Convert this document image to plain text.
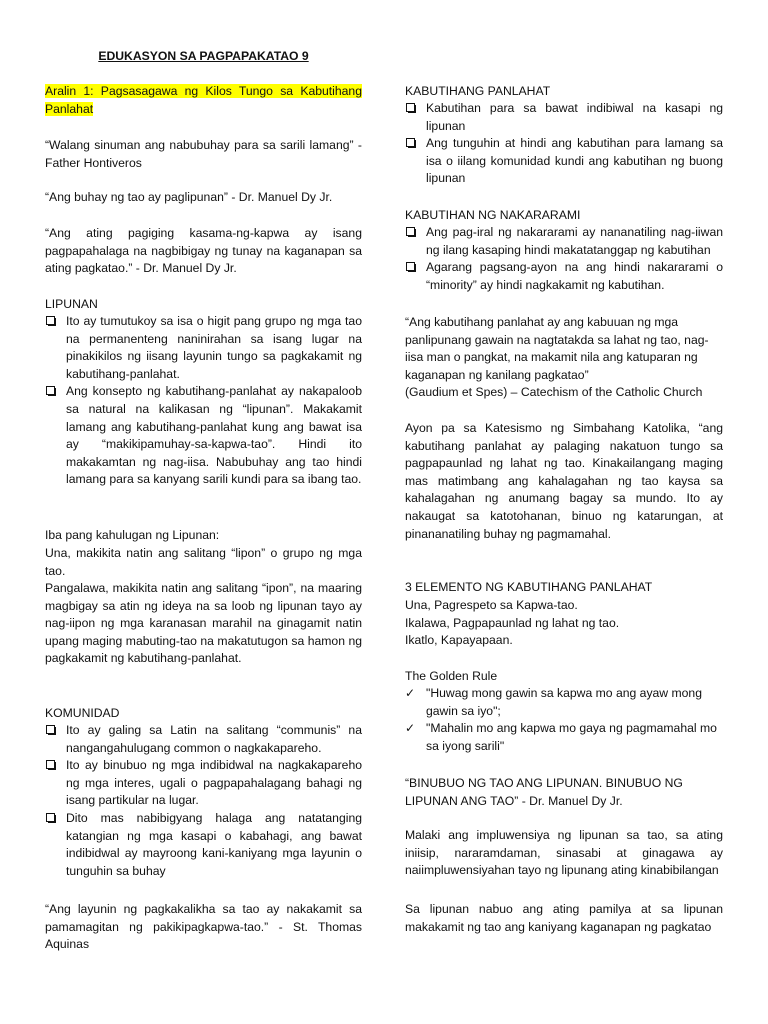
EDUKASYON SA PAGPAPAKATAO 9

Aralin 1: Pagsasagawa ng Kilos Tungo sa Kabutihang Panlahat

“Walang sinuman ang nabubuhay para sa sarili lamang” - Father Hontiveros

“Ang buhay ng tao ay paglipunan” - Dr. Manuel Dy Jr.

“Ang ating pagiging kasama-ng-kapwa ay isang pagpapahalaga na nagbibigay ng tunay na kaganapan sa ating pagkatao.” - Dr. Manuel Dy Jr.

LIPUNAN

Ito ay tumutukoy sa isa o higit pang grupo ng mga tao na permanenteng naninirahan sa isang lugar na pinakikilos ng iisang layunin tungo sa pagkakamit ng kabutihang-panlahat.
Ang konsepto ng kabutihang-panlahat ay nakapaloob sa natural na kalikasan ng “lipunan”. Makakamit lamang ang kabutihang-panlahat kung ang bawat isa ay “makikipamuhay-sa-kapwa-tao”. Hindi ito makakamtan ng nag-iisa. Nabubuhay ang tao hindi lamang para sa kanyang sarili kundi para sa ibang tao.

Iba pang kahulugan ng Lipunan:

Una, makikita natin ang salitang “lipon” o grupo ng mga tao.

Pangalawa, makikita natin ang salitang “ipon”, na maaring magbigay sa atin ng ideya na sa loob ng lipunan tayo ay nag-iipon ng mga karanasan marahil na ginagamit natin upang maging mabuting-tao na makatutugon sa hamon ng pagkakamit ng kabutihang-panlahat.

KOMUNIDAD

Ito ay galing sa Latin na salitang “communis” na nangangahulugang common o nagkakapareho.
Ito ay binubuo ng mga indibidwal na nagkakapareho ng mga interes, ugali o pagpapahalagang bahagi ng isang partikular na lugar.
Dito mas nabibigyang halaga ang natatanging katangian ng mga kasapi o kabahagi, ang bawat indibidwal ay mayroong kani-kaniyang mga layunin o tunguhin sa buhay

“Ang layunin ng pagkakalikha sa tao ay nakakamit sa pamamagitan ng pakikipagkapwa-tao.” - St. Thomas Aquinas

KABUTIHANG PANLAHAT

Kabutihan para sa bawat indibiwal na kasapi ng lipunan
Ang tunguhin at hindi ang kabutihan para lamang sa isa o iilang komunidad kundi ang kabutihan ng buong lipunan

KABUTIHAN NG NAKARARAMI

Ang pag-iral ng nakararami ay nananatiling nag-iiwan ng ilang kasaping hindi makatatanggap ng kabutihan
Agarang pagsang-ayon na ang hindi nakararami o “minority” ay hindi nagkakamit ng kabutihan.

“Ang kabutihang panlahat ay ang kabuuan ng mga panlipunang gawain na nagtatakda sa lahat ng tao, nag-iisa man o pangkat, na makamit nila ang katuparan ng kaganapan ng kanilang pagkatao”

(Gaudium et Spes) – Catechism of the Catholic Church

Ayon pa sa Katesismo ng Simbahang Katolika, “ang kabutihang panlahat ay palaging nakatuon tungo sa pagpapaunlad ng lahat ng tao. Kinakailangang maging mas matimbang ang kahalagahan ng tao kaysa sa kahalagahan ng anumang bagay sa mundo. Ito ay nakaugat sa katotohanan, binuo ng katarungan, at pinananatiling buhay ng pagmamahal.

3 ELEMENTO NG KABUTIHANG PANLAHAT

Una, Pagrespeto sa Kapwa-tao.

Ikalawa, Pagpapaunlad ng lahat ng tao.

Ikatlo, Kapayapaan.

The Golden Rule

✓ "Huwag mong gawin sa kapwa mo ang ayaw mong gawin sa iyo";
✓ "Mahalin mo ang kapwa mo gaya ng pagmamahal mo sa iyong sarili"

“BINUBUO NG TAO ANG LIPUNAN. BINUBUO NG LIPUNAN ANG TAO” - Dr. Manuel Dy Jr.

Malaki ang impluwensiya ng lipunan sa tao, sa ating iniisip, nararamdaman, sinasabi at ginagawa ay naiimpluwensiyahan tayo ng lipunang ating kinabibilangan

Sa lipunan nabuo ang ating pamilya at sa lipunan makakamit ng tao ang kaniyang kaganapan ng pagkatao
